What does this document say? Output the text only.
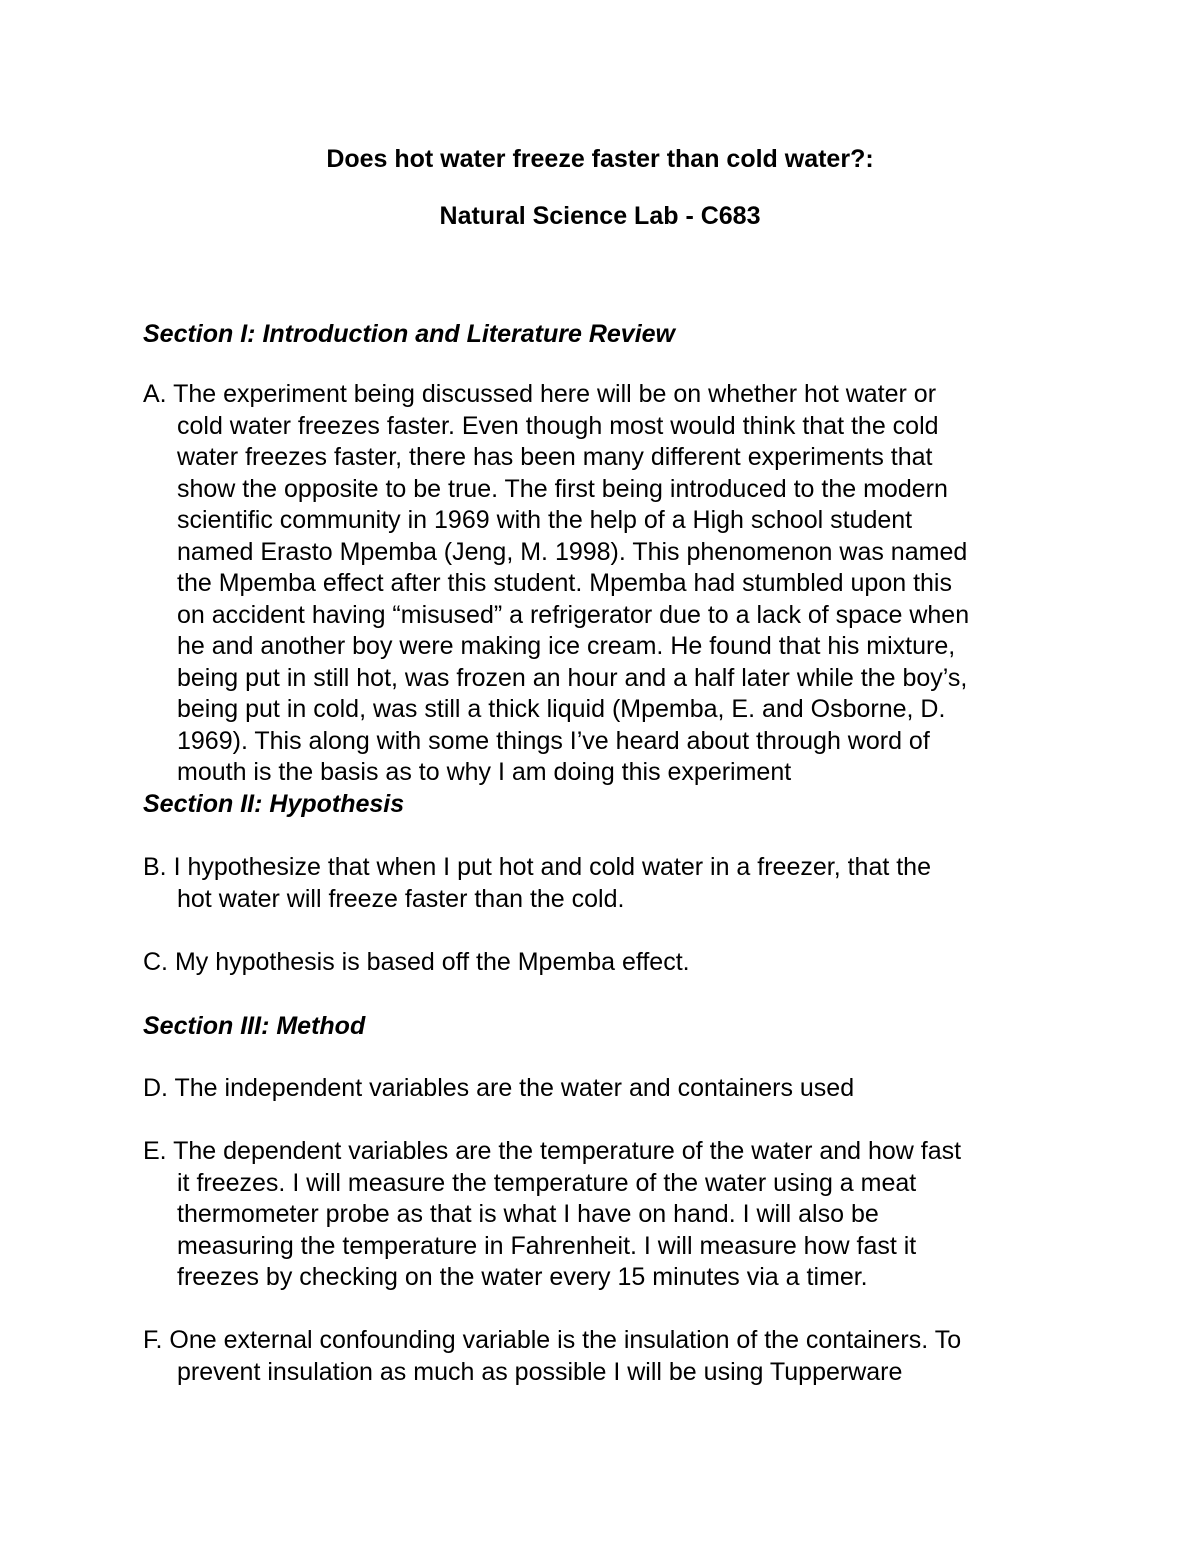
Does hot water freeze faster than cold water?:
Natural Science Lab - C683
Section I: Introduction and Literature Review
A. The experiment being discussed here will be on whether hot water or
cold water freezes faster. Even though most would think that the cold
water freezes faster, there has been many different experiments that
show the opposite to be true. The first being introduced to the modern
scientific community in 1969 with the help of a High school student
named Erasto Mpemba (Jeng, M. 1998). This phenomenon was named
the Mpemba effect after this student. Mpemba had stumbled upon this
on accident having “misused” a refrigerator due to a lack of space when
he and another boy were making ice cream. He found that his mixture,
being put in still hot, was frozen an hour and a half later while the boy’s,
being put in cold, was still a thick liquid (Mpemba, E. and Osborne, D.
1969). This along with some things I’ve heard about through word of
mouth is the basis as to why I am doing this experiment
Section II: Hypothesis
B. I hypothesize that when I put hot and cold water in a freezer, that the
hot water will freeze faster than the cold.
C. My hypothesis is based off the Mpemba effect.
Section III: Method
D. The independent variables are the water and containers used
E. The dependent variables are the temperature of the water and how fast
it freezes. I will measure the temperature of the water using a meat
thermometer probe as that is what I have on hand. I will also be
measuring the temperature in Fahrenheit. I will measure how fast it
freezes by checking on the water every 15 minutes via a timer.
F. One external confounding variable is the insulation of the containers. To
prevent insulation as much as possible I will be using Tupperware
